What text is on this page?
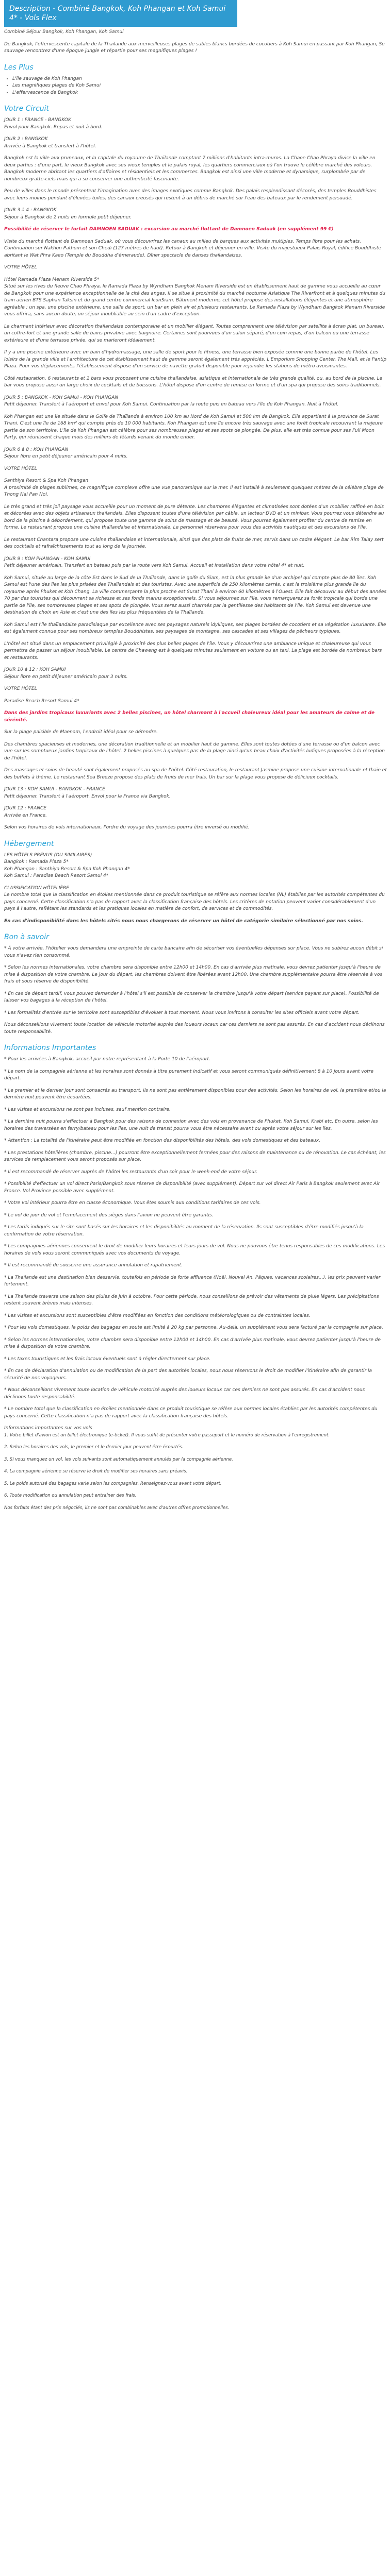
Description - Combiné Bangkok, Koh Phangan et Koh Samui 4* - Vols Flex
Combiné Séjour Bangkok, Koh Phangan, Koh Samui

De Bangkok, l'effervescente capitale de la Thaïlande aux merveilleuses plages de sables blancs bordées de cocotiers à Koh Samui en passant par Koh Phangan, Se sauvage rencontrez d'une époque jungle et répartie pour ses magnifiques plages !

Les Plus
• L'île sauvage de Koh Phangan
• Les magnifiques plages de Koh Samui
• L'effervescence de Bangkok
Votre Circuit
JOUR 1 : FRANCE - BANGKOK
Envol pour Bangkok. Repas et nuit à bord.
JOUR 2 : BANGKOK
Arrivée à Bangkok et transfert à l'hôtel.
Bangkok est la ville aux pruneaux, et la capitale du royaume de Thaïlande comptant 7 millions d'habitants intra-muros. La Chaoe Chao Phraya divise la ville en deux parties : d'une part, le vieux Bangkok avec ses vieux temples et le palais royal, les quartiers commerciaux où l'on trouve le célèbre marché des voleurs. Bangkok moderne abritant les quartiers d'affaires et résidentiels et les commerces. Bangkok est ainsi une ville moderne et dynamique, surplombée par de nombreux gratte-ciels mais qui a su conserver une authenticité fascinante.
Peu de villes dans le monde présentent l'imagination avec des images exotiques comme Bangkok. Des palais resplendissant décorés, des temples Bouddhistes avec leurs moines pendant d'élevées tuiles, des canaux creusés qui restent à un débris de marché sur l'eau des bateaux par le rendement persuadé.
JOUR 3 à 4 : BANGKOK
Séjour à Bangkok de 2 nuits en formule petit déjeuner.
Possibilité de réserver le forfait DAMNOEN SADUAK : excursion au marché flottant de Damnoen Saduak (en supplément 99 €)
Visite du marché flottant de Damnoen Saduak, où vous découvrirez les canaux au milieu de barques aux activités multiples. Temps libre pour les achats. Continuation sur Nakhon Pathom et son Chedi (127 mètres de haut). Retour à Bangkok et déjeuner en ville. Visite du majestueux Palais Royal, édifice Bouddhiste abritant le Wat Phra Kaeo (Temple du Bouddha d'émeraude). Dîner spectacle de danses thaïlandaises.
VOTRE HÔTEL
Hôtel Ramada Plaza Menam Riverside 5*
Situé sur les rives du fleuve Chao Phraya, le Ramada Plaza by Wyndham Bangkok Menam Riverside est un établissement haut de gamme vous accueille au cœur de Bangkok pour une expérience exceptionnelle de la cité des anges. Il se situe à proximité du marché nocturne Asiatique The Riverfront et à quelques minutes du train aérien BTS Saphan Taksin et du grand centre commercial IconSiam. Bâtiment moderne, cet hôtel propose des installations élégantes et une atmosphère agréable : un spa, une piscine extérieure, une salle de sport, un bar en plein air et plusieurs restaurants. Le Ramada Plaza by Wyndham Bangkok Menam Riverside vous offrira, sans aucun doute, un séjour inoubliable au sein d'un cadre d'exception.
Le charmant intérieur avec décoration thaïlandaise contemporaine et un mobilier élégant. Toutes comprennent une télévision par satellite à écran plat, un bureau, un coffre-fort et une grande salle de bains privative avec baignoire. Certaines sont pourvues d'un salon séparé, d'un coin repas, d'un balcon ou une terrasse extérieure et d'une terrasse privée, qui se marieront idéalement.
Il y a une piscine extérieure avec un bain d'hydromassage, une salle de sport pour le fitness, une terrasse bien exposée comme une bonne partie de l'hôtel. Les loisirs de la grande ville et l'architecture de cet établissement haut de gamme seront également très appréciés. L'Emporium Shopping Center, The Mall, et le Pantip Plaza. Pour vos déplacements, l'établissement dispose d'un service de navette gratuit disponible pour rejoindre les stations de métro avoisinantes.
Côté restauration, 6 restaurants et 2 bars vous proposent une cuisine thaïlandaise, asiatique et internationale de très grande qualité, ou, au bord de la piscine. Le bar vous propose aussi un large choix de cocktails et de boissons. L'hôtel dispose d'un centre de remise en forme et d'un spa qui propose des soins traditionnels.
JOUR 5 : BANGKOK - KOH SAMUI - KOH PHANGAN
Petit déjeuner. Transfert à l'aéroport et envol pour Koh Samui. Continuation par la route puis en bateau vers l'île de Koh Phangan. Nuit à l'hôtel.
Koh Phangan est une île située dans le Golfe de Thaïlande à environ 100 km au Nord de Koh Samui et 500 km de Bangkok. Elle appartient à la province de Surat Thani. C'est une île de 168 km² qui compte près de 10 000 habitants. Koh Phangan est une île encore très sauvage avec une forêt tropicale recouvrant la majeure partie de son territoire. L'île de Koh Phangan est célèbre pour ses nombreuses plages et ses spots de plongée. De plus, elle est très connue pour ses Full Moon Party, qui réunissent chaque mois des milliers de fêtards venant du monde entier.
JOUR 6 à 8 : KOH PHANGAN
Séjour libre en petit déjeuner américain pour 4 nuits.
VOTRE HÔTEL
Santhiya Resort & Spa Koh Phangan
À proximité de plages sublimes, ce magnifique complexe offre une vue panoramique sur la mer. Il est installé à seulement quelques mètres de la célèbre plage de Thong Nai Pan Noi.
Le très grand et très joli paysage vous accueille pour un moment de pure détente. Les chambres élégantes et climatisées sont dotées d'un mobilier raffiné en bois et décorées avec des objets artisanaux thaïlandais. Elles disposent toutes d'une télévision par câble, un lecteur DVD et un minibar. Vous pourrez vous détendre au bord de la piscine à débordement, qui propose toute une gamme de soins de massage et de beauté. Vous pourrez également profiter du centre de remise en forme. Le restaurant propose une cuisine thaïlandaise et internationale. Le personnel réservera pour vous des activités nautiques et des excursions de l'île.
Le restaurant Chantara propose une cuisine thaïlandaise et internationale, ainsi que des plats de fruits de mer, servis dans un cadre élégant. Le bar Rim Talay sert des cocktails et rafraîchissements tout au long de la journée.
JOUR 9 : KOH PHANGAN - KOH SAMUI
Petit déjeuner américain. Transfert en bateau puis par la route vers Koh Samui. Accueil et installation dans votre hôtel 4* et nuit.
Koh Samui, située au large de la côte Est dans le Sud de la Thaïlande, dans le golfe du Siam, est la plus grande île d'un archipel qui compte plus de 80 îles. Koh Samui est l'une des îles les plus prisées des Thaïlandais et des touristes. Avec une superficie de 250 kilomètres carrés, c'est la troisième plus grande île du royaume après Phuket et Koh Chang. La ville commerçante la plus proche est Surat Thani à environ 60 kilomètres à l'Ouest. Elle fait découvrir au début des années 70 par des touristes qui découvrent sa richesse et ses fonds marins exceptionnels. Si vous séjournez sur l'île, vous remarquerez sa forêt tropicale qui borde une partie de l'île, ses nombreuses plages et ses spots de plongée. Vous serez aussi charmés par la gentillesse des habitants de l'île. Koh Samui est devenue une destination de choix en Asie et c'est une des îles les plus fréquentées de la Thaïlande.
Koh Samui est l'île thaïlandaise paradisiaque par excellence avec ses paysages naturels idylliques, ses plages bordées de cocotiers et sa végétation luxuriante. Elle est également connue pour ses nombreux temples Bouddhistes, ses paysages de montagne, ses cascades et ses villages de pêcheurs typiques.
L'hôtel est situé dans un emplacement privilégié à proximité des plus belles plages de l'île. Vous y découvrirez une ambiance unique et chaleureuse qui vous permettra de passer un séjour inoubliable. Le centre de Chaweng est à quelques minutes seulement en voiture ou en taxi. La plage est bordée de nombreux bars et restaurants.
JOUR 10 à 12 : KOH SAMUI
Séjour libre en petit déjeuner américain pour 3 nuits.
VOTRE HÔTEL
Paradise Beach Resort Samui 4*
Dans des jardins tropicaux luxuriants avec 2 belles piscines, un hôtel charmant à l'accueil chaleureux idéal pour les amateurs de calme et de sérénité.
Sur la plage paisible de Maenam, l'endroit idéal pour se détendre.
Des chambres spacieuses et modernes, une décoration traditionnelle et un mobilier haut de gamme. Elles sont toutes dotées d'une terrasse ou d'un balcon avec vue sur les somptueux jardins tropicaux de l'hôtel. 2 belles piscines à quelques pas de la plage ainsi qu'un beau choix d'activités ludiques proposées à la réception de l'hôtel.
Des massages et soins de beauté sont également proposés au spa de l'hôtel. Côté restauration, le restaurant Jasmine propose une cuisine internationale et thaïe et des buffets à thème. Le restaurant Sea Breeze propose des plats de fruits de mer frais. Un bar sur la plage vous propose de délicieux cocktails.
JOUR 13 : KOH SAMUI - BANGKOK - FRANCE
Petit déjeuner. Transfert à l'aéroport. Envol pour la France via Bangkok.
JOUR 12 : FRANCE
Arrivée en France.
Selon vos horaires de vols internationaux, l'ordre du voyage des journées pourra être inversé ou modifié.
Hébergement
LES HÔTELS PRÉVUS (OU SIMILAIRES)
Bangkok : Ramada Plaza 5*
Koh Phangan : Santhiya Resort & Spa Koh Phangan 4*
Koh Samui : Paradise Beach Resort Samui 4*
CLASSIFICATION HÔTELIÈRE

Le nombre total que la classification en étoiles mentionnée dans ce produit touristique se réfère aux normes locales (NL) établies par les autorités compétentes du pays concerné. Cette classification n'a pas de rapport avec la classification française des hôtels. Les critères de notation peuvent varier considérablement d'un pays à l'autre, reflétant les standards et les pratiques locales en matière de confort, de services et de commodités.

En cas d'indisponibilité dans les hôtels cités nous nous chargerons de réserver un hôtel de catégorie similaire sélectionné par nos soins.

Bon à savoir

* À votre arrivée, l'hôtelier vous demandera une empreinte de carte bancaire afin de sécuriser vos éventuelles dépenses sur place. Vous ne subirez aucun débit si vous n'avez rien consommé.

* Selon les normes internationales, votre chambre sera disponible entre 12h00 et 14h00. En cas d'arrivée plus matinale, vous devrez patienter jusqu'à l'heure de mise à disposition de votre chambre. Le jour du départ, les chambres doivent être libérées avant 12h00. Une chambre supplémentaire pourra être réservée à vos frais et sous réserve de disponibilité.

* En cas de départ tardif, vous pouvez demander à l'hôtel s'il est possible de conserver la chambre jusqu'à votre départ (service payant sur place). Possibilité de laisser vos bagages à la réception de l'hôtel.

* Les formalités d'entrée sur le territoire sont susceptibles d'évoluer à tout moment. Nous vous invitons à consulter les sites officiels avant votre départ.

Nous déconseillons vivement toute location de véhicule motorisé auprès des loueurs locaux car ces derniers ne sont pas assurés. En cas d'accident nous déclinons toute responsabilité.

Informations Importantes

* Pour les arrivées à Bangkok, accueil par notre représentant à la Porte 10 de l'aéroport.

* Le nom de la compagnie aérienne et les horaires sont donnés à titre purement indicatif et vous seront communiqués définitivement 8 à 10 jours avant votre départ.

* Le premier et le dernier jour sont consacrés au transport. Ils ne sont pas entièrement disponibles pour des activités. Selon les horaires de vol, la première et/ou la dernière nuit peuvent être écourtées.

* Les visites et excursions ne sont pas incluses, sauf mention contraire.

* La dernière nuit pourra s'effectuer à Bangkok pour des raisons de connexion avec des vols en provenance de Phuket, Koh Samui, Krabi etc. En outre, selon les horaires des traversées en ferry/bateau pour les îles, une nuit de transit pourra vous être nécessaire avant ou après votre séjour sur les îles.

* Attention : La totalité de l'itinéraire peut être modifiée en fonction des disponibilités des hôtels, des vols domestiques et des bateaux.

* Les prestations hôtelières (chambre, piscine...) pourront être exceptionnellement fermées pour des raisons de maintenance ou de rénovation. Le cas échéant, les services de remplacement vous seront proposés sur place.

* Il est recommandé de réserver auprès de l'hôtel les restaurants d'un soir pour le week-end de votre séjour.

* Possibilité d'effectuer un vol direct Paris/Bangkok sous réserve de disponibilité (avec supplément). Départ sur vol direct Air Paris à Bangkok seulement avec Air France. Vol Province possible avec supplément.

* Votre vol intérieur pourra être en classe économique. Vous êtes soumis aux conditions tarifaires de ces vols.

* Le vol de jour de vol et l'emplacement des sièges dans l'avion ne peuvent être garantis.

* Les tarifs indiqués sur le site sont basés sur les horaires et les disponibilités au moment de la réservation. Ils sont susceptibles d'être modifiés jusqu'à la confirmation de votre réservation.

* Les compagnies aériennes conservent le droit de modifier leurs horaires et leurs jours de vol. Nous ne pouvons être tenus responsables de ces modifications. Les horaires de vols vous seront communiqués avec vos documents de voyage.

* Il est recommandé de souscrire une assurance annulation et rapatriement.

* La Thaïlande est une destination bien desservie, toutefois en période de forte affluence (Noël, Nouvel An, Pâques, vacances scolaires...), les prix peuvent varier fortement.

* La Thaïlande traverse une saison des pluies de juin à octobre. Pour cette période, nous conseillons de prévoir des vêtements de pluie légers. Les précipitations restent souvent brèves mais intenses.

* Les visites et excursions sont susceptibles d'être modifiées en fonction des conditions météorologiques ou de contraintes locales.

* Pour les vols domestiques, le poids des bagages en soute est limité à 20 kg par personne. Au-delà, un supplément vous sera facturé par la compagnie sur place.

* Selon les normes internationales, votre chambre sera disponible entre 12h00 et 14h00. En cas d'arrivée plus matinale, vous devrez patienter jusqu'à l'heure de mise à disposition de votre chambre.

* Les taxes touristiques et les frais locaux éventuels sont à régler directement sur place.

* En cas de déclaration d'annulation ou de modification de la part des autorités locales, nous nous réservons le droit de modifier l'itinéraire afin de garantir la sécurité de nos voyageurs.

* Nous déconseillons vivement toute location de véhicule motorisé auprès des loueurs locaux car ces derniers ne sont pas assurés. En cas d'accident nous déclinons toute responsabilité.

* Le nombre total que la classification en étoiles mentionnée dans ce produit touristique se réfère aux normes locales établies par les autorités compétentes du pays concerné. Cette classification n'a pas de rapport avec la classification française des hôtels.

Informations importantes sur vos vols

1. Votre billet d'avion est un billet électronique (e-ticket). Il vous suffit de présenter votre passeport et le numéro de réservation à l'enregistrement.

2. Selon les horaires des vols, le premier et le dernier jour peuvent être écourtés.

3. Si vous manquez un vol, les vols suivants sont automatiquement annulés par la compagnie aérienne.

4. La compagnie aérienne se réserve le droit de modifier ses horaires sans préavis.

5. Le poids autorisé des bagages varie selon les compagnies. Renseignez-vous avant votre départ.

6. Toute modification ou annulation peut entraîner des frais.

Nos forfaits étant des prix négociés, ils ne sont pas combinables avec d'autres offres promotionnelles.
